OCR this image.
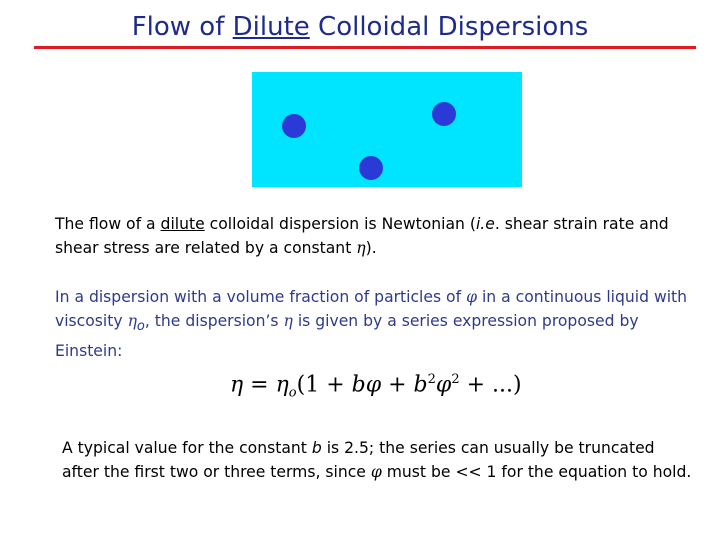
Flow of Dilute Colloidal Dispersions
The flow of a dilute colloidal dispersion is Newtonian (i.e. shear strain rate and shear stress are related by a constant η).
In a dispersion with a volume fraction of particles of φ in a continuous liquid with viscosity $\eta_o$, the dispersion’s η is given by a series expression proposed by Einstein:
$\eta = \eta_o(1 + b\varphi + b^2\varphi^2$ + ...)
A typical value for the constant b is 2.5; the series can usually be truncated after the first two or three terms, since φ must be << 1 for the equation to hold.
